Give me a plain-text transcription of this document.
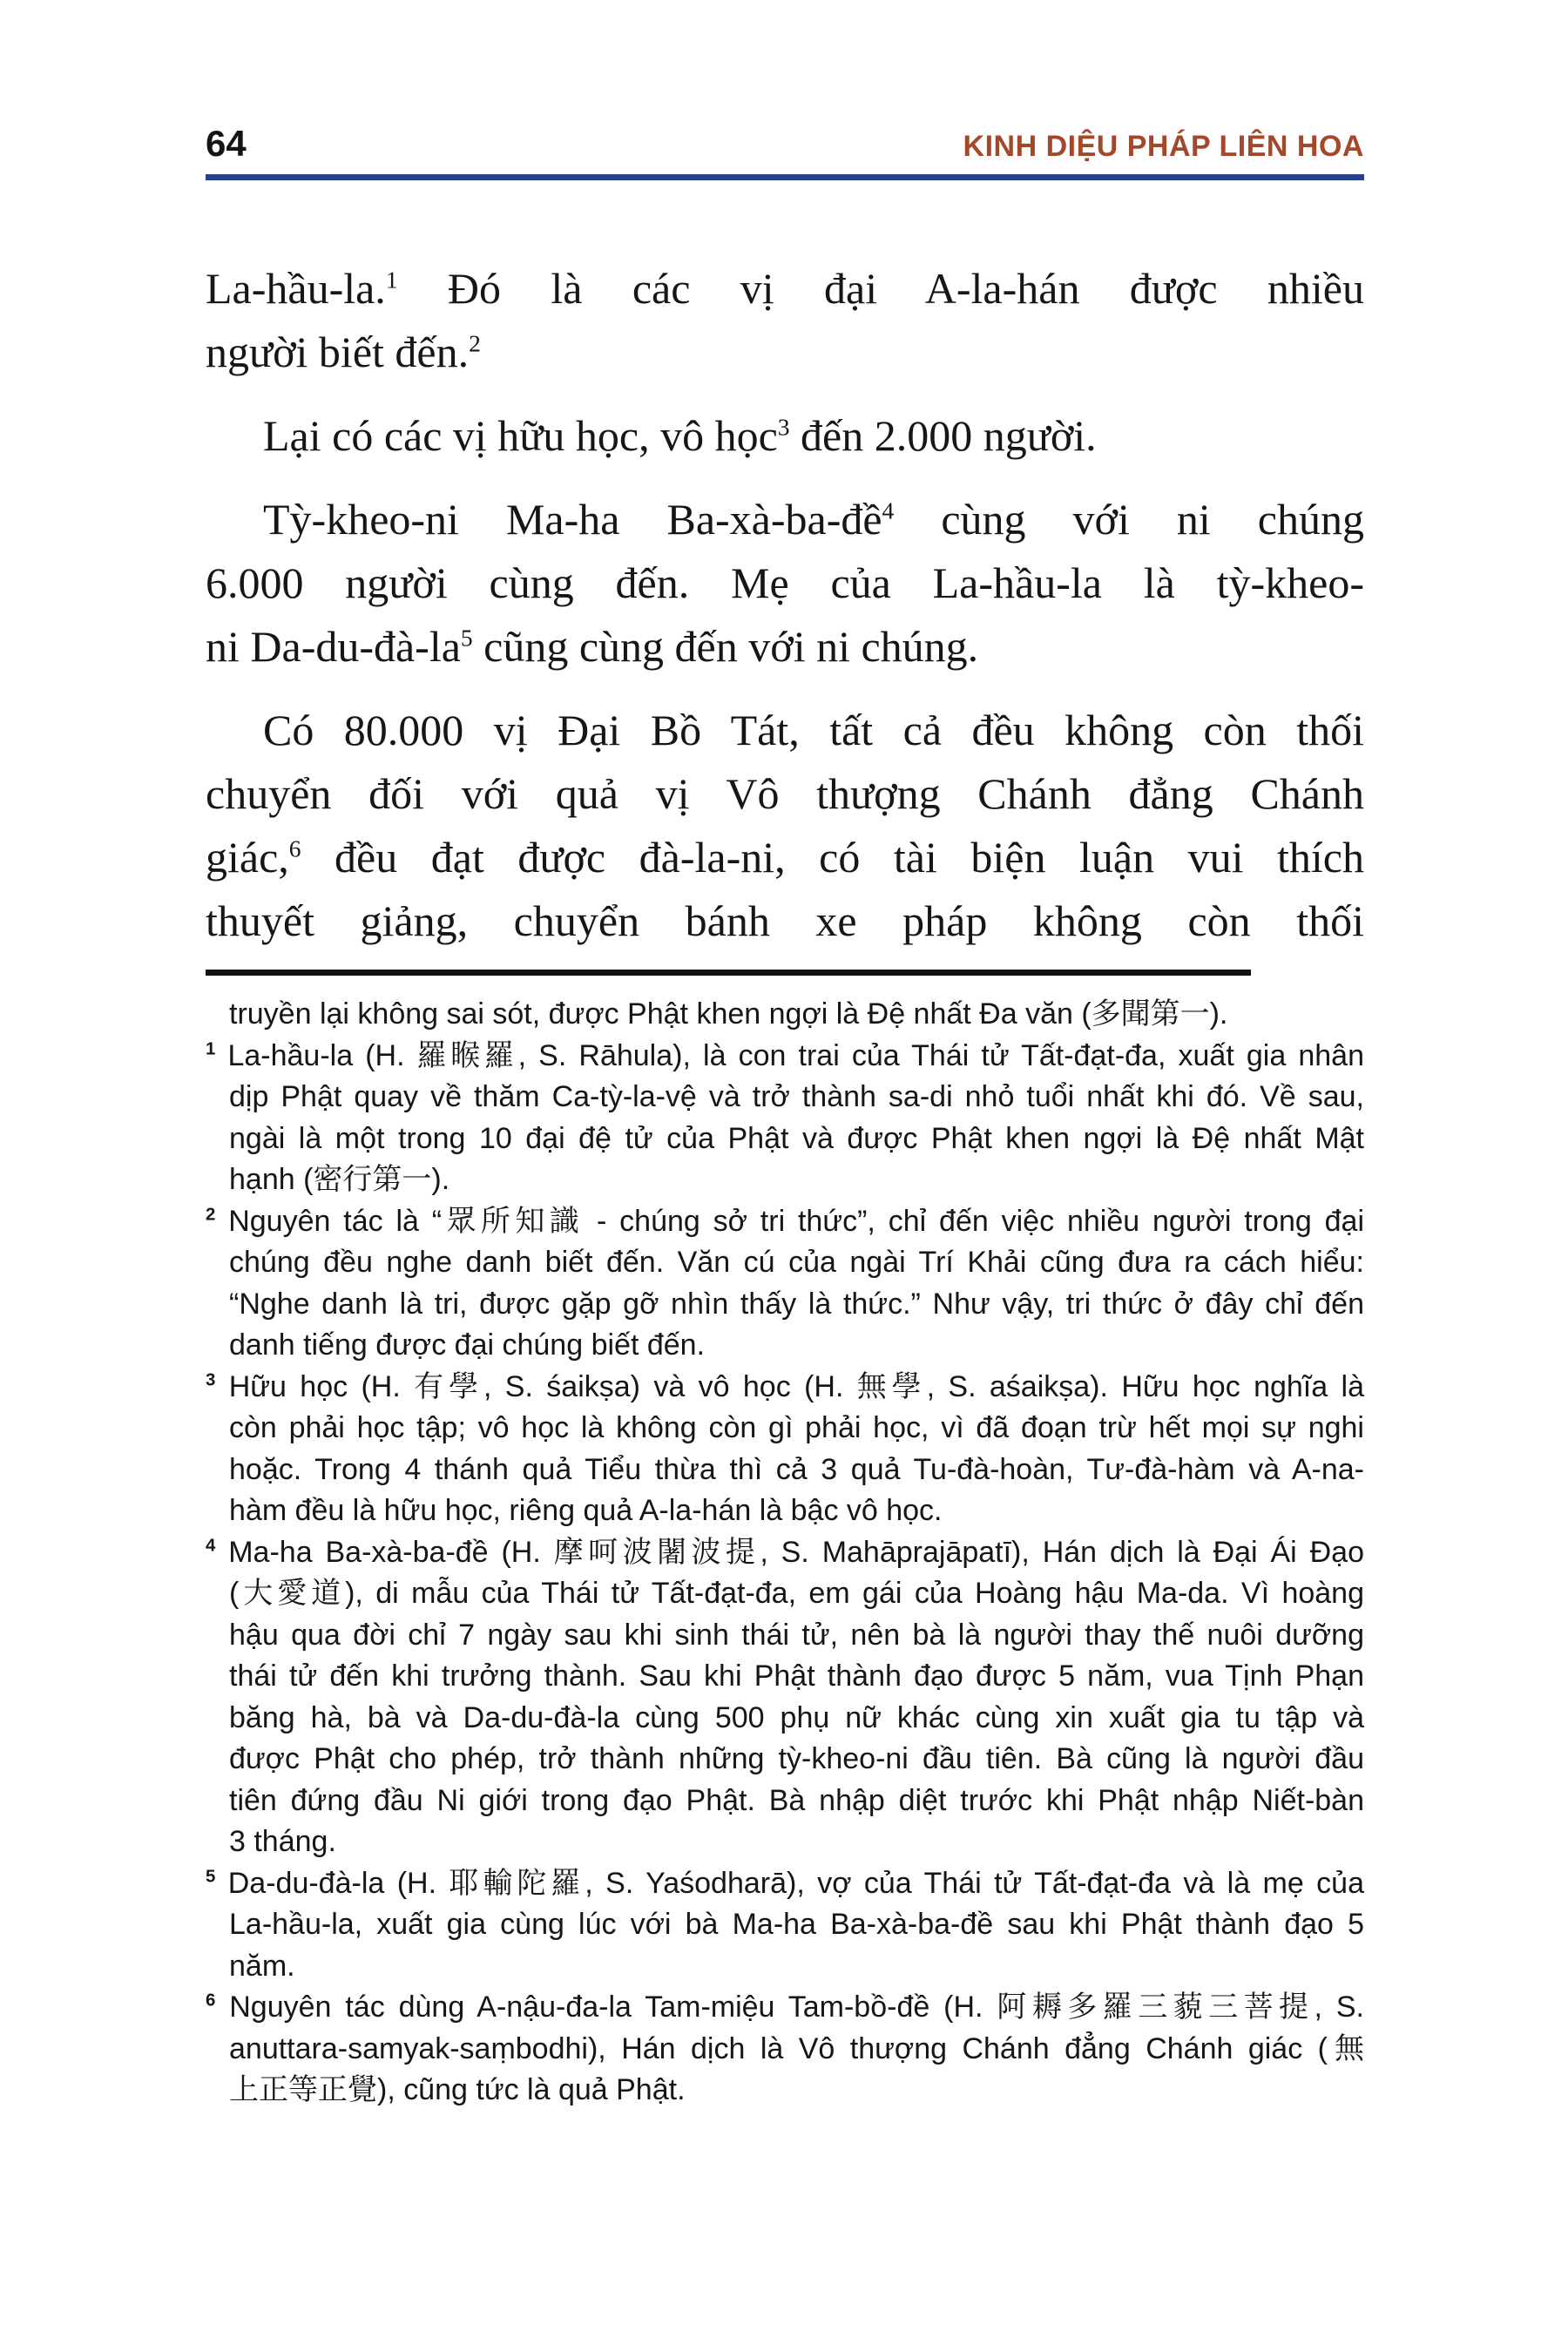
64	KINH DIỆU PHÁP LIÊN HOA
La-hầu-la.$^1$ Đó là các vị đại A-la-hán được nhiều
người biết đến.$^2$
Lại có các vị hữu học, vô học$^3$ đến 2.000 người.
Tỳ-kheo-ni Ma-ha Ba-xà-ba-đề$^4$ cùng với ni chúng
6.000 người cùng đến. Mẹ của La-hầu-la là tỳ-kheo-
ni $Da-du-đà-la^5$ cũng cùng đến với ni chúng.
Có 80.000 vị Đại Bồ Tát, tất cả đều không còn thối
chuyển đối với quả vị Vô thượng Chánh đẳng Chánh
giác,$^6$ đều đạt được đà-la-ni, có tài biện luận vui thích
thuyết giảng, chuyển bánh xe pháp không còn thối
truyền lại không sai sót, được Phật khen ngợi là Đệ nhất Đa văn (多聞第一).
$^1$ La-hầu-la (H. 羅睺羅, S. Rāhula), là con trai của Thái tử Tất-đạt-đa, xuất gia nhân
dịp Phật quay về thăm Ca-tỳ-la-vệ và trở thành sa-di nhỏ tuổi nhất khi đó. Về sau,
ngài là một trong 10 đại đệ tử của Phật và được Phật khen ngợi là Đệ nhất Mật
hạnh (密行第一).
$^2$ Nguyên tác là “眾所知識 - chúng sở tri thức”, chỉ đến việc nhiều người trong đại
chúng đều nghe danh biết đến. Văn cú của ngài Trí Khải cũng đưa ra cách hiểu:
“Nghe danh là tri, được gặp gỡ nhìn thấy là thức.” Như vậy, tri thức ở đây chỉ đến
danh tiếng được đại chúng biết đến.
$^3$ Hữu học (H. 有學, S. śaikṣa) và vô học (H. 無學, S. aśaikṣa). Hữu học nghĩa là
còn phải học tập; vô học là không còn gì phải học, vì đã đoạn trừ hết mọi sự nghi
hoặc. Trong 4 thánh quả Tiểu thừa thì cả 3 quả Tu-đà-hoàn, Tư-đà-hàm và A-na-
hàm đều là hữu học, riêng quả A-la-hán là bậc vô học.
$^4$ Ma-ha Ba-xà-ba-đề (H. 摩呵波闍波提, S. Mahāprajāpatī), Hán dịch là Đại Ái Đạo
(大愛道), di mẫu của Thái tử Tất-đạt-đa, em gái của Hoàng hậu Ma-da. Vì hoàng
hậu qua đời chỉ 7 ngày sau khi sinh thái tử, nên bà là người thay thế nuôi dưỡng
thái tử đến khi trưởng thành. Sau khi Phật thành đạo được 5 năm, vua Tịnh Phạn
băng hà, bà và Da-du-đà-la cùng 500 phụ nữ khác cùng xin xuất gia tu tập và
được Phật cho phép, trở thành những tỳ-kheo-ni đầu tiên. Bà cũng là người đầu
tiên đứng đầu Ni giới trong đạo Phật. Bà nhập diệt trước khi Phật nhập Niết-bàn
3 tháng.
$^5$ Da-du-đà-la (H. 耶輸陀羅, S. Yaśodharā), vợ của Thái tử Tất-đạt-đa và là mẹ của
La-hầu-la, xuất gia cùng lúc với bà Ma-ha Ba-xà-ba-đề sau khi Phật thành đạo 5
năm.
$^6$ Nguyên tác dùng A-nậu-đa-la Tam-miệu Tam-bồ-đề (H. 阿耨多羅三藐三菩提, S.
anuttara-samyak-saṃbodhi), Hán dịch là Vô thượng Chánh đẳng Chánh giác (無
上正等正覺), cũng tức là quả Phật.
